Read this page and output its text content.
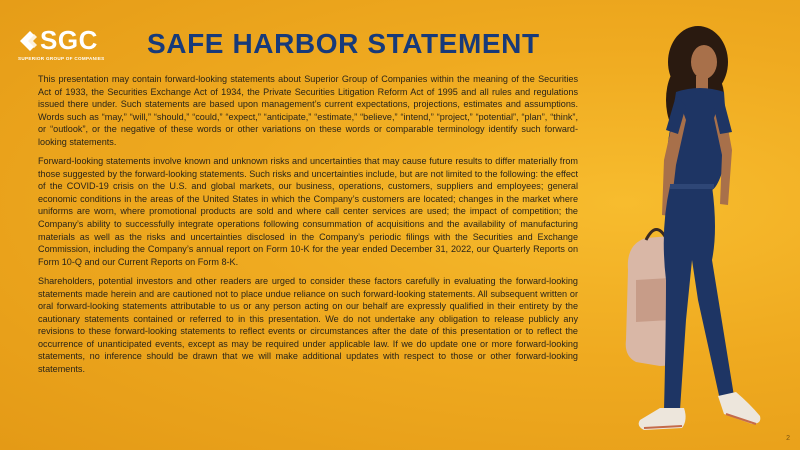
SGC
SUPERIOR GROUP OF COMPANIES	SAFE HARBOR STATEMENT

This presentation may contain forward-looking statements about Superior Group of Companies within the meaning of the Securities Act of 1933, the Securities Exchange Act of 1934, the Private Securities Litigation Reform Act of 1995 and all rules and regulations issued there under. Such statements are based upon management’s current expectations, projections, estimates and assumptions. Words such as “may,” “will,” “should,” “could,” “expect,” “anticipate,” “estimate,” “believe,” “intend,” “project,” “potential”, “plan”, “think”, or “outlook”, or the negative of these words or other variations on these words or comparable terminology identify such forward-looking statements.

Forward-looking statements involve known and unknown risks and uncertainties that may cause future results to differ materially from those suggested by the forward-looking statements. Such risks and uncertainties include, but are not limited to the following: the effect of the COVID-19 crisis on the U.S. and global markets, our business, operations, customers, suppliers and employees; general economic conditions in the areas of the United States in which the Company’s customers are located; changes in the market where uniforms are worn, where promotional products are sold and where call center services are used; the impact of competition; the Company’s ability to successfully integrate operations following consummation of acquisitions and the availability of manufacturing materials as well as the risks and uncertainties disclosed in the Company’s periodic filings with the Securities and Exchange Commission, including the Company’s annual report on Form 10-K for the year ended December 31, 2022, our Quarterly Reports on Form 10-Q and our Current Reports on Form 8-K.

Shareholders, potential investors and other readers are urged to consider these factors carefully in evaluating the forward-looking statements made herein and are cautioned not to place undue reliance on such forward-looking statements. All subsequent written or oral forward-looking statements attributable to us or any person acting on our behalf are expressly qualified in their entirety by the cautionary statements contained or referred to in this presentation. We do not undertake any obligation to release publicly any revisions to these forward-looking statements to reflect events or circumstances after the date of this presentation or to reflect the occurrence of unanticipated events, except as may be required under applicable law. If we do update one or more forward-looking statements, no inference should be drawn that we will make additional updates with respect to those or other forward-looking statements.

2
